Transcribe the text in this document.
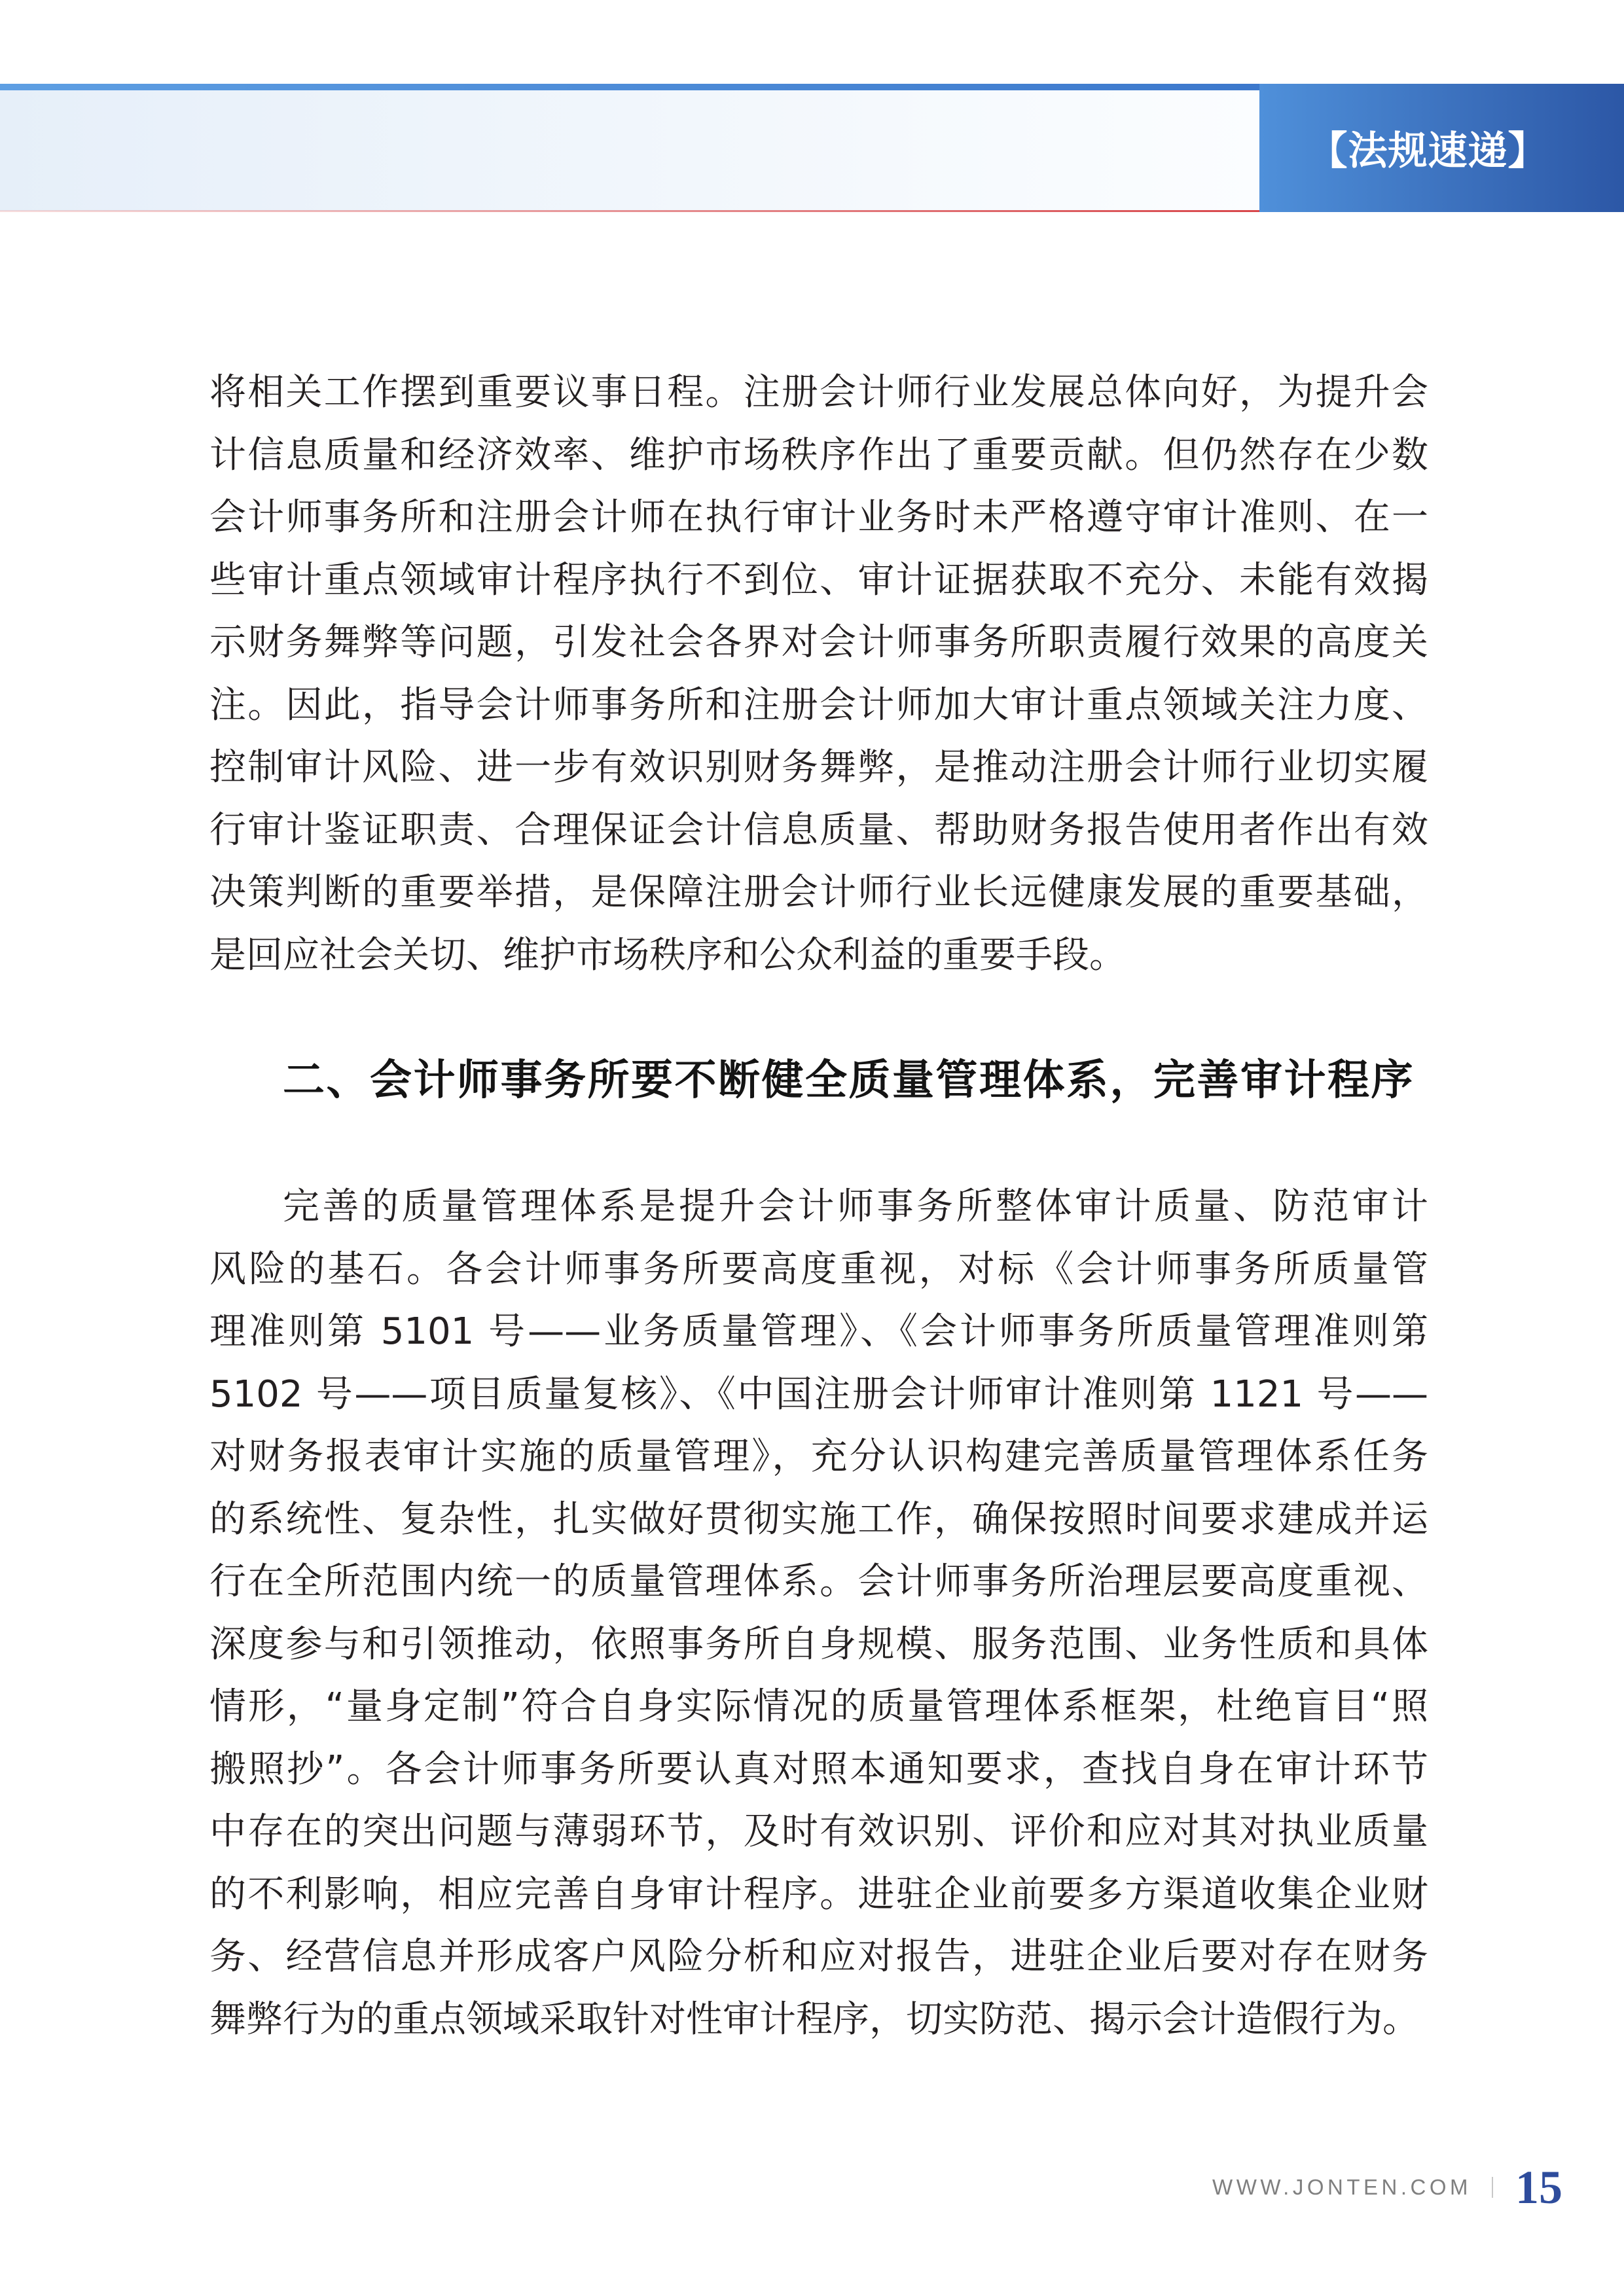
【法规速递】
将相关工作摆到重要议事日程。注册会计师行业发展总体向好，为提升会
计信息质量和经济效率、维护市场秩序作出了重要贡献。但仍然存在少数
会计师事务所和注册会计师在执行审计业务时未严格遵守审计准则、在一
些审计重点领域审计程序执行不到位、审计证据获取不充分、未能有效揭
示财务舞弊等问题，引发社会各界对会计师事务所职责履行效果的高度关
注。因此，指导会计师事务所和注册会计师加大审计重点领域关注力度、
控制审计风险、进一步有效识别财务舞弊，是推动注册会计师行业切实履
行审计鉴证职责、合理保证会计信息质量、帮助财务报告使用者作出有效
决策判断的重要举措，是保障注册会计师行业长远健康发展的重要基础，
是回应社会关切、维护市场秩序和公众利益的重要手段。
二、会计师事务所要不断健全质量管理体系，完善审计程序
完善的质量管理体系是提升会计师事务所整体审计质量、防范审计
风险的基石。各会计师事务所要高度重视，对标《会计师事务所质量管
理准则第 5101 号——业务质量管理》、《会计师事务所质量管理准则第
5102 号——项目质量复核》、《中国注册会计师审计准则第 1121 号——
对财务报表审计实施的质量管理》，充分认识构建完善质量管理体系任务
的系统性、复杂性，扎实做好贯彻实施工作，确保按照时间要求建成并运
行在全所范围内统一的质量管理体系。会计师事务所治理层要高度重视、
深度参与和引领推动，依照事务所自身规模、服务范围、业务性质和具体
情形，“量身定制”符合自身实际情况的质量管理体系框架，杜绝盲目“照
搬照抄”。各会计师事务所要认真对照本通知要求，查找自身在审计环节
中存在的突出问题与薄弱环节，及时有效识别、评价和应对其对执业质量
的不利影响，相应完善自身审计程序。进驻企业前要多方渠道收集企业财
务、经营信息并形成客户风险分析和应对报告，进驻企业后要对存在财务
舞弊行为的重点领域采取针对性审计程序，切实防范、揭示会计造假行为。
WWW.JONTEN.COM 15
